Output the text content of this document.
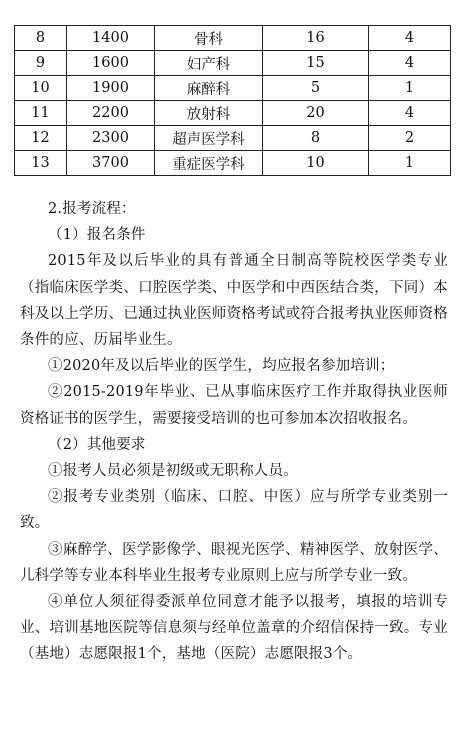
8	1400	骨科	16	4
9	1600	妇产科	15	4
10	1900	麻醉科	5	1
11	2200	放射科	20	4
12	2300	超声医学科	8	2
13	3700	重症医学科	10	1

2.报考流程：

（1）报名条件

2015年及以后毕业的具有普通全日制高等院校医学类专业（指临床医学类、口腔医学类、中医学和中西医结合类，下同）本科及以上学历、已通过执业医师资格考试或符合报考执业医师资格条件的应、历届毕业生。

①2020年及以后毕业的医学生，均应报名参加培训；

②2015-2019年毕业、已从事临床医疗工作并取得执业医师资格证书的医学生，需要接受培训的也可参加本次招收报名。

（2）其他要求

①报考人员必须是初级或无职称人员。

②报考专业类别（临床、口腔、中医）应与所学专业类别一致。

③麻醉学、医学影像学、眼视光医学、精神医学、放射医学、儿科学等专业本科毕业生报考专业原则上应与所学专业一致。

④单位人须征得委派单位同意才能予以报考，填报的培训专业、培训基地医院等信息须与经单位盖章的介绍信保持一致。专业（基地）志愿限报1个，基地（医院）志愿限报3个。
